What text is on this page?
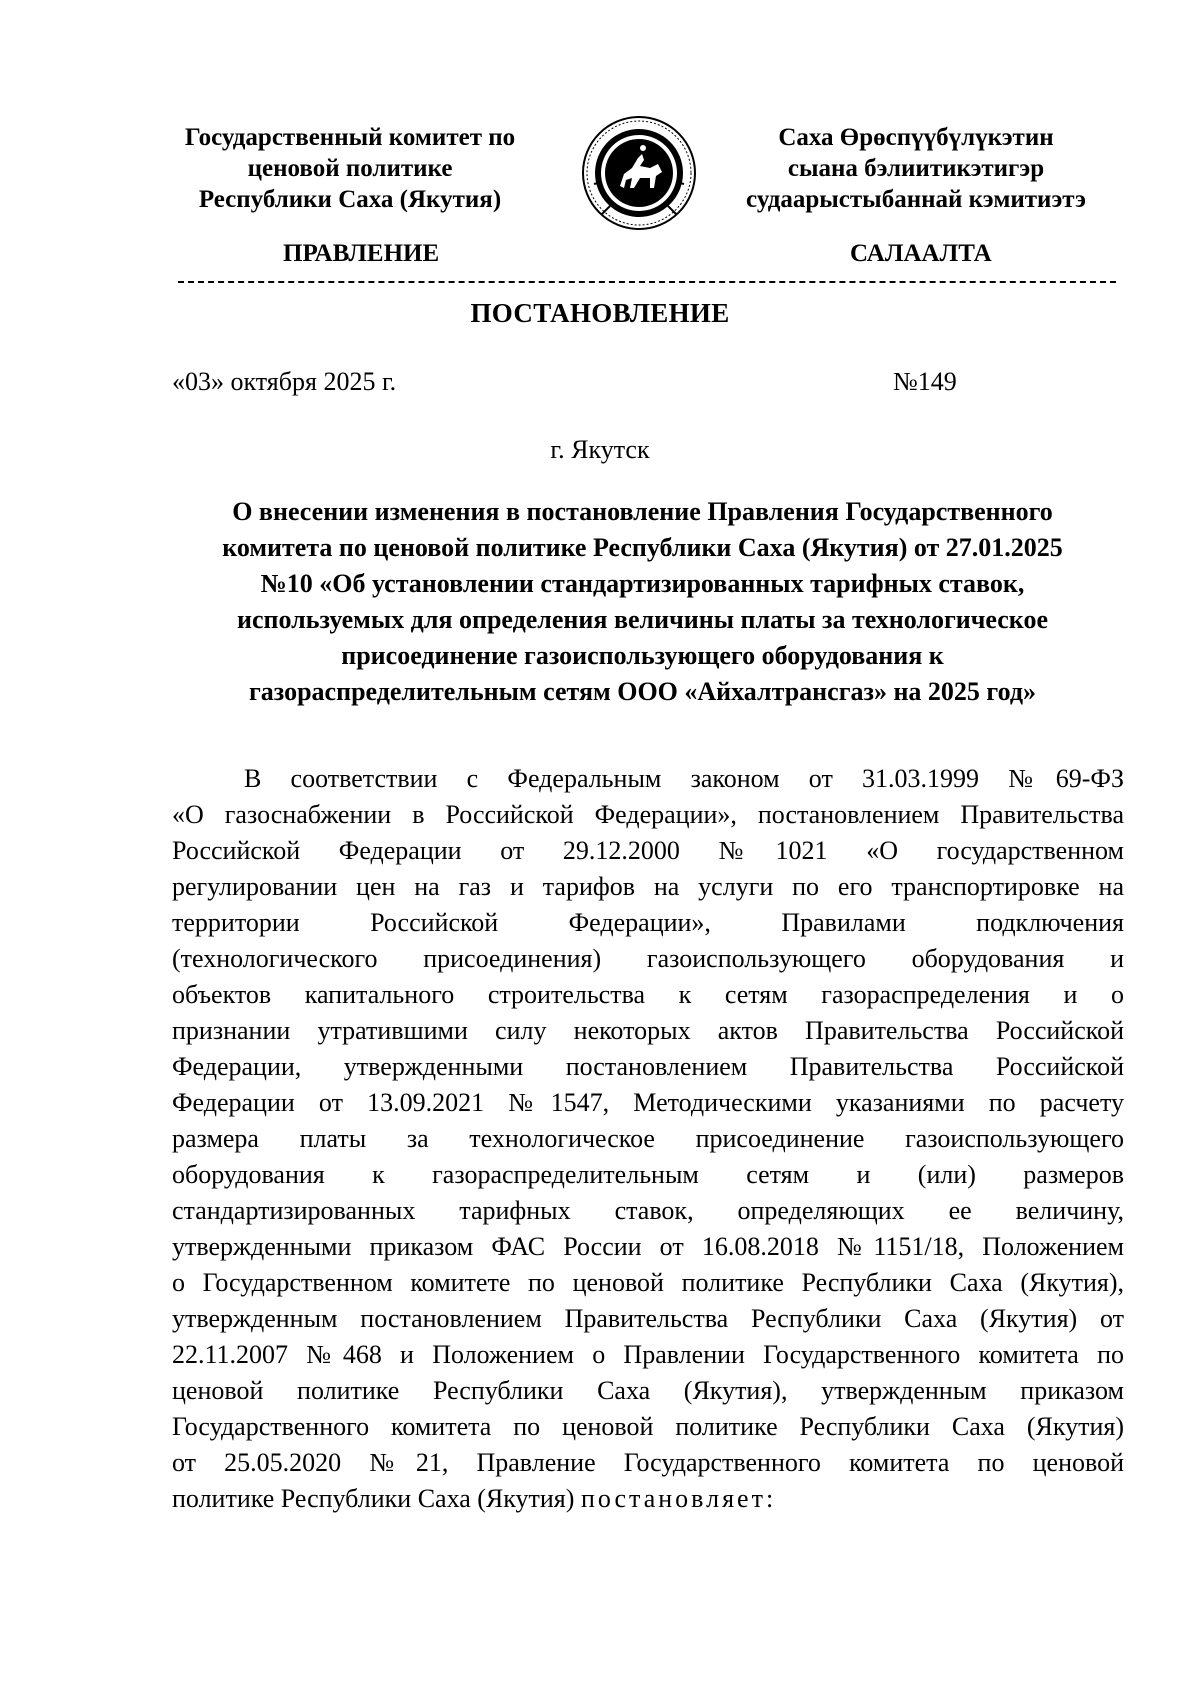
Государственный комитет по
ценовой политике
Республики Саха (Якутия)
Саха Өрөспүүбүлүкэтин
сыана бэлиитикэтигэр
судаарыстыбаннай кэмитиэтэ
ПРАВЛЕНИЕ	САЛААЛТА
ПОСТАНОВЛЕНИЕ
«03» октября 2025 г.	№149
г. Якутск
О внесении изменения в постановление Правления Государственного
комитета по ценовой политике Республики Саха (Якутия) от 27.01.2025
№10 «Об установлении стандартизированных тарифных ставок,
используемых для определения величины платы за технологическое
присоединение газоиспользующего оборудования к
газораспределительным сетям ООО «Айхалтрансгаз» на 2025 год»
В соответствии с Федеральным законом от 31.03.1999 №69-ФЗ
«О газоснабжении в Российской Федерации», постановлением Правительства
Российской Федерации от 29.12.2000 №1021 «О государственном
регулировании цен на газ и тарифов на услуги по его транспортировке на
территории Российской Федерации», Правилами подключения
(технологического присоединения) газоиспользующего оборудования и
объектов капитального строительства к сетям газораспределения и о
признании утратившими силу некоторых актов Правительства Российской
Федерации, утвержденными постановлением Правительства Российской
Федерации от 13.09.2021 №1547, Методическими указаниями по расчету
размера платы за технологическое присоединение газоиспользующего
оборудования к газораспределительным сетям и (или) размеров
стандартизированных тарифных ставок, определяющих ее величину,
утвержденными приказом ФАС России от 16.08.2018 №1151/18, Положением
о Государственном комитете по ценовой политике Республики Саха (Якутия),
утвержденным постановлением Правительства Республики Саха (Якутия) от
22.11.2007 №468 и Положением о Правлении Государственного комитета по
ценовой политике Республики Саха (Якутия), утвержденным приказом
Государственного комитета по ценовой политике Республики Саха (Якутия)
от 25.05.2020 №21, Правление Государственного комитета по ценовой
политике Республики Саха (Якутия) постановляет:
